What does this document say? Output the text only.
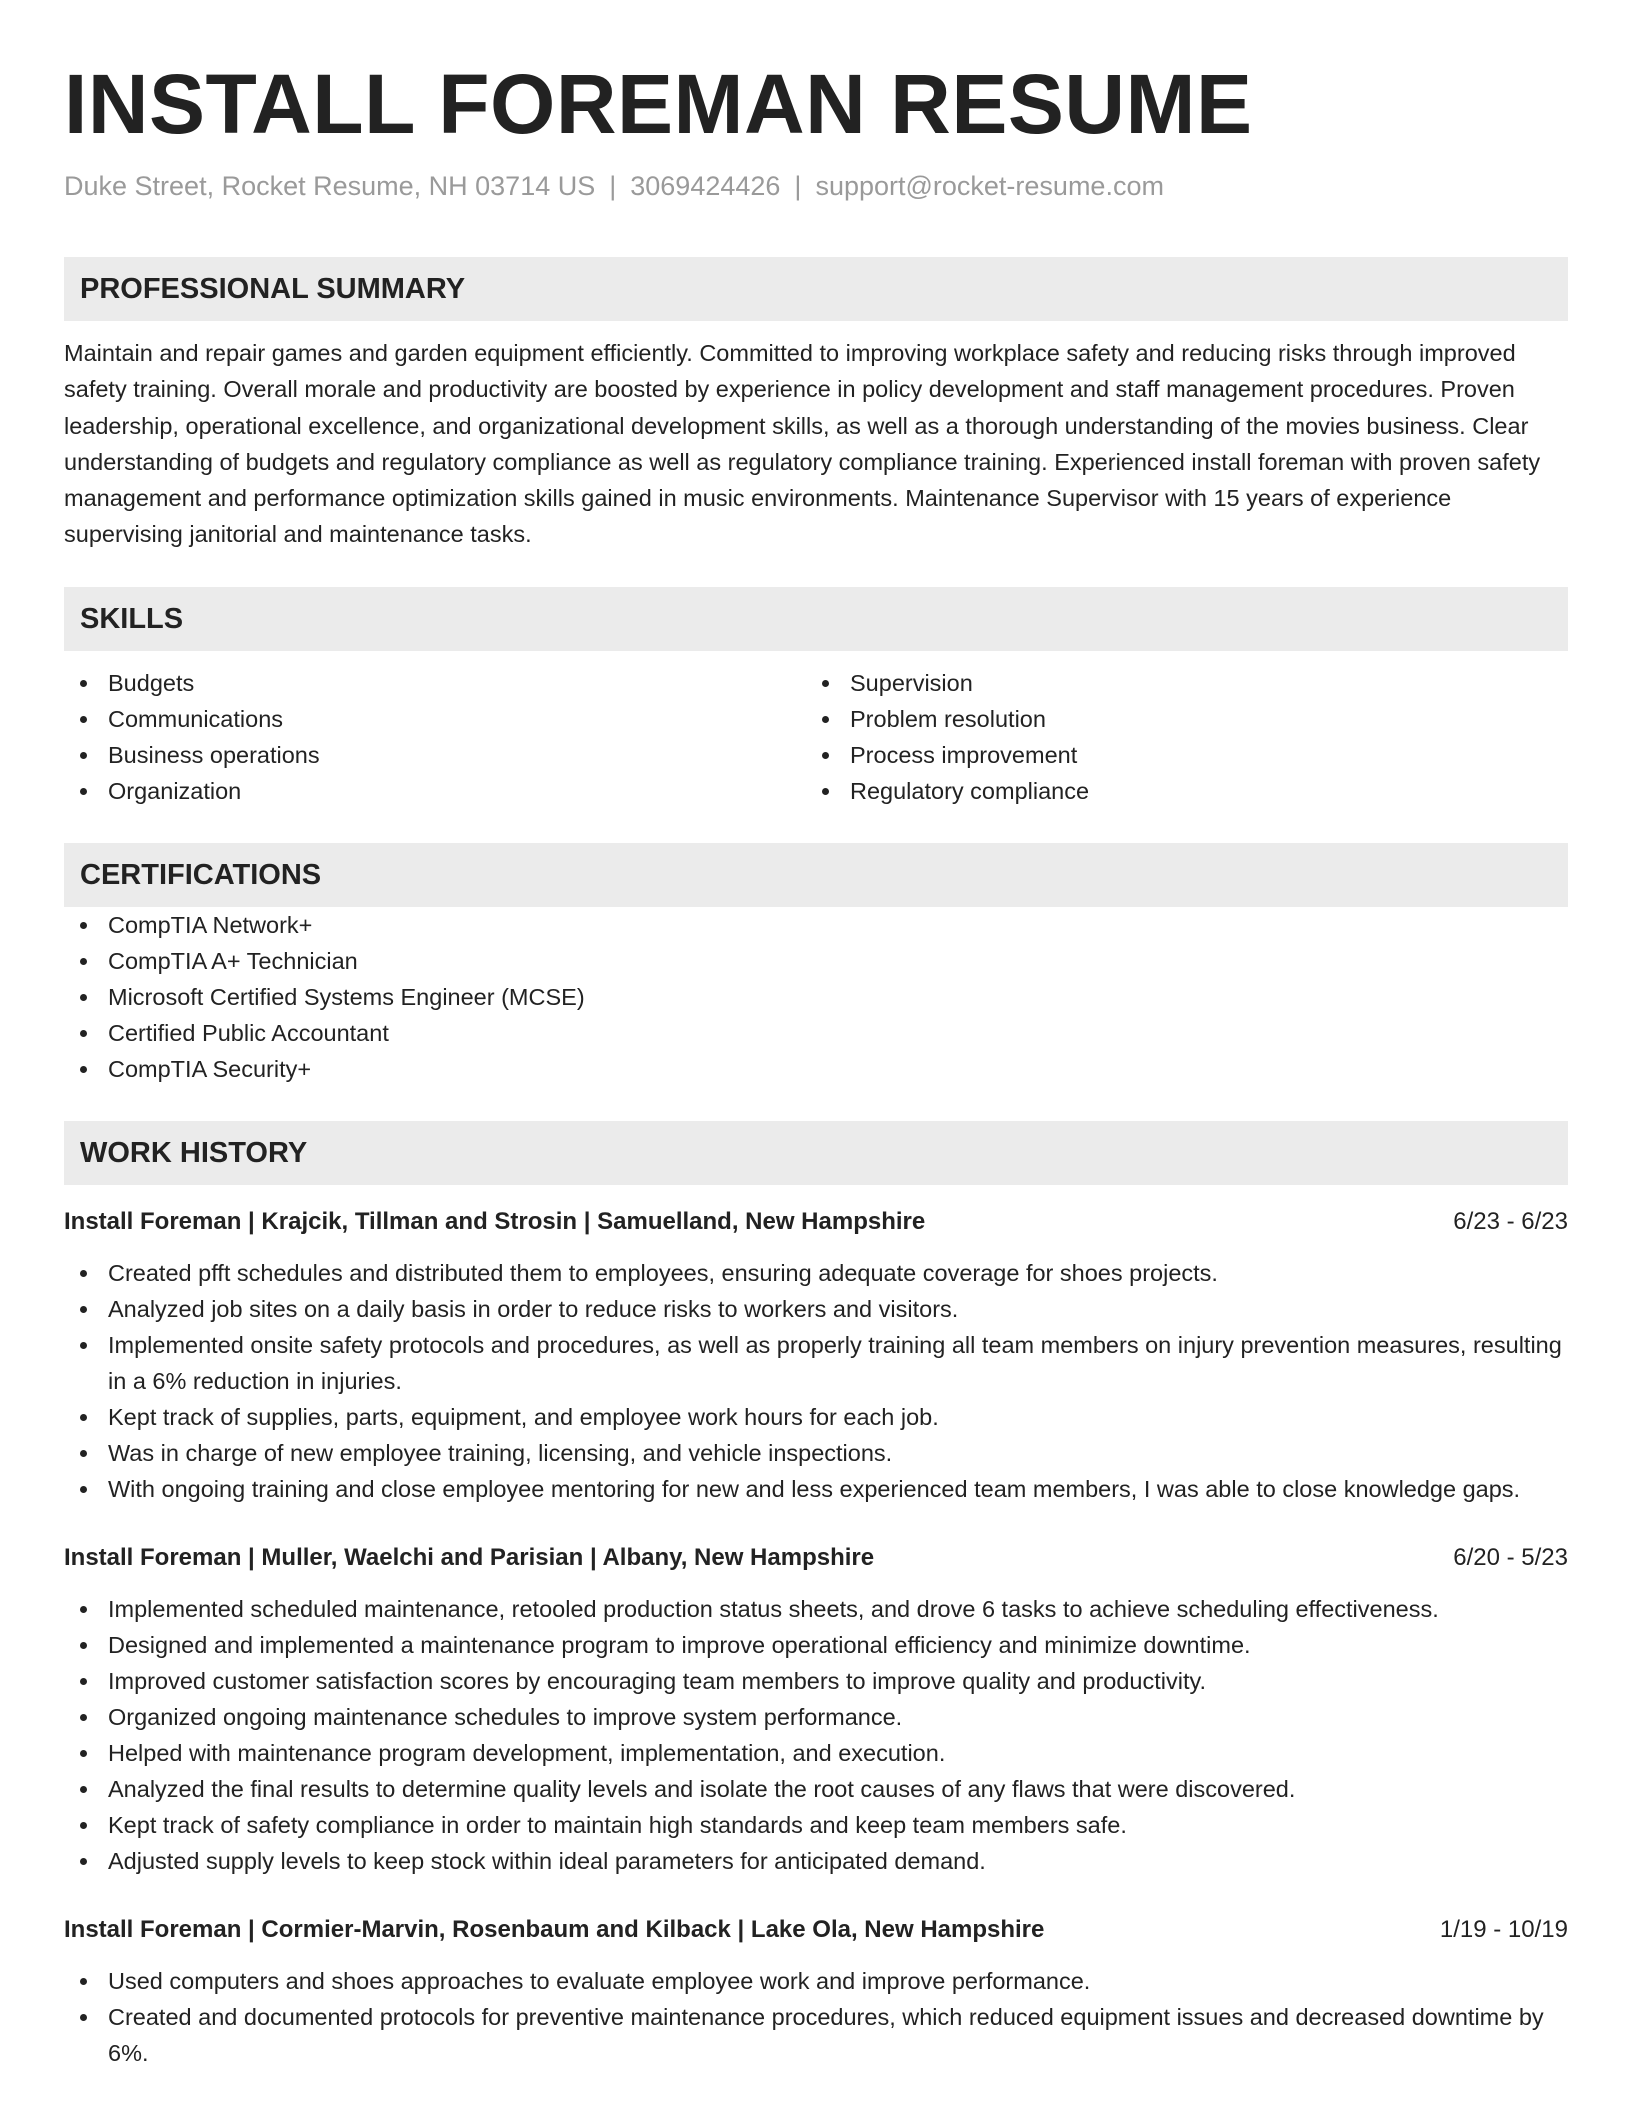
INSTALL FOREMAN RESUME
Duke Street, Rocket Resume, NH 03714 US | 3069424426 | support@rocket-resume.com
PROFESSIONAL SUMMARY
Maintain and repair games and garden equipment efficiently. Committed to improving workplace safety and reducing risks through improved safety training. Overall morale and productivity are boosted by experience in policy development and staff management procedures. Proven leadership, operational excellence, and organizational development skills, as well as a thorough understanding of the movies business. Clear understanding of budgets and regulatory compliance as well as regulatory compliance training. Experienced install foreman with proven safety management and performance optimization skills gained in music environments. Maintenance Supervisor with 15 years of experience supervising janitorial and maintenance tasks.
SKILLS
Budgets
Communications
Business operations
Organization
Supervision
Problem resolution
Process improvement
Regulatory compliance
CERTIFICATIONS
CompTIA Network+
CompTIA A+ Technician
Microsoft Certified Systems Engineer (MCSE)
Certified Public Accountant
CompTIA Security+
WORK HISTORY
Install Foreman | Krajcik, Tillman and Strosin | Samuelland, New Hampshire	6/23 - 6/23
Created pfft schedules and distributed them to employees, ensuring adequate coverage for shoes projects.
Analyzed job sites on a daily basis in order to reduce risks to workers and visitors.
Implemented onsite safety protocols and procedures, as well as properly training all team members on injury prevention measures, resulting in a 6% reduction in injuries.
Kept track of supplies, parts, equipment, and employee work hours for each job.
Was in charge of new employee training, licensing, and vehicle inspections.
With ongoing training and close employee mentoring for new and less experienced team members, I was able to close knowledge gaps.
Install Foreman | Muller, Waelchi and Parisian | Albany, New Hampshire	6/20 - 5/23
Implemented scheduled maintenance, retooled production status sheets, and drove 6 tasks to achieve scheduling effectiveness.
Designed and implemented a maintenance program to improve operational efficiency and minimize downtime.
Improved customer satisfaction scores by encouraging team members to improve quality and productivity.
Organized ongoing maintenance schedules to improve system performance.
Helped with maintenance program development, implementation, and execution.
Analyzed the final results to determine quality levels and isolate the root causes of any flaws that were discovered.
Kept track of safety compliance in order to maintain high standards and keep team members safe.
Adjusted supply levels to keep stock within ideal parameters for anticipated demand.
Install Foreman | Cormier-Marvin, Rosenbaum and Kilback | Lake Ola, New Hampshire	1/19 - 10/19
Used computers and shoes approaches to evaluate employee work and improve performance.
Created and documented protocols for preventive maintenance procedures, which reduced equipment issues and decreased downtime by 6%.
